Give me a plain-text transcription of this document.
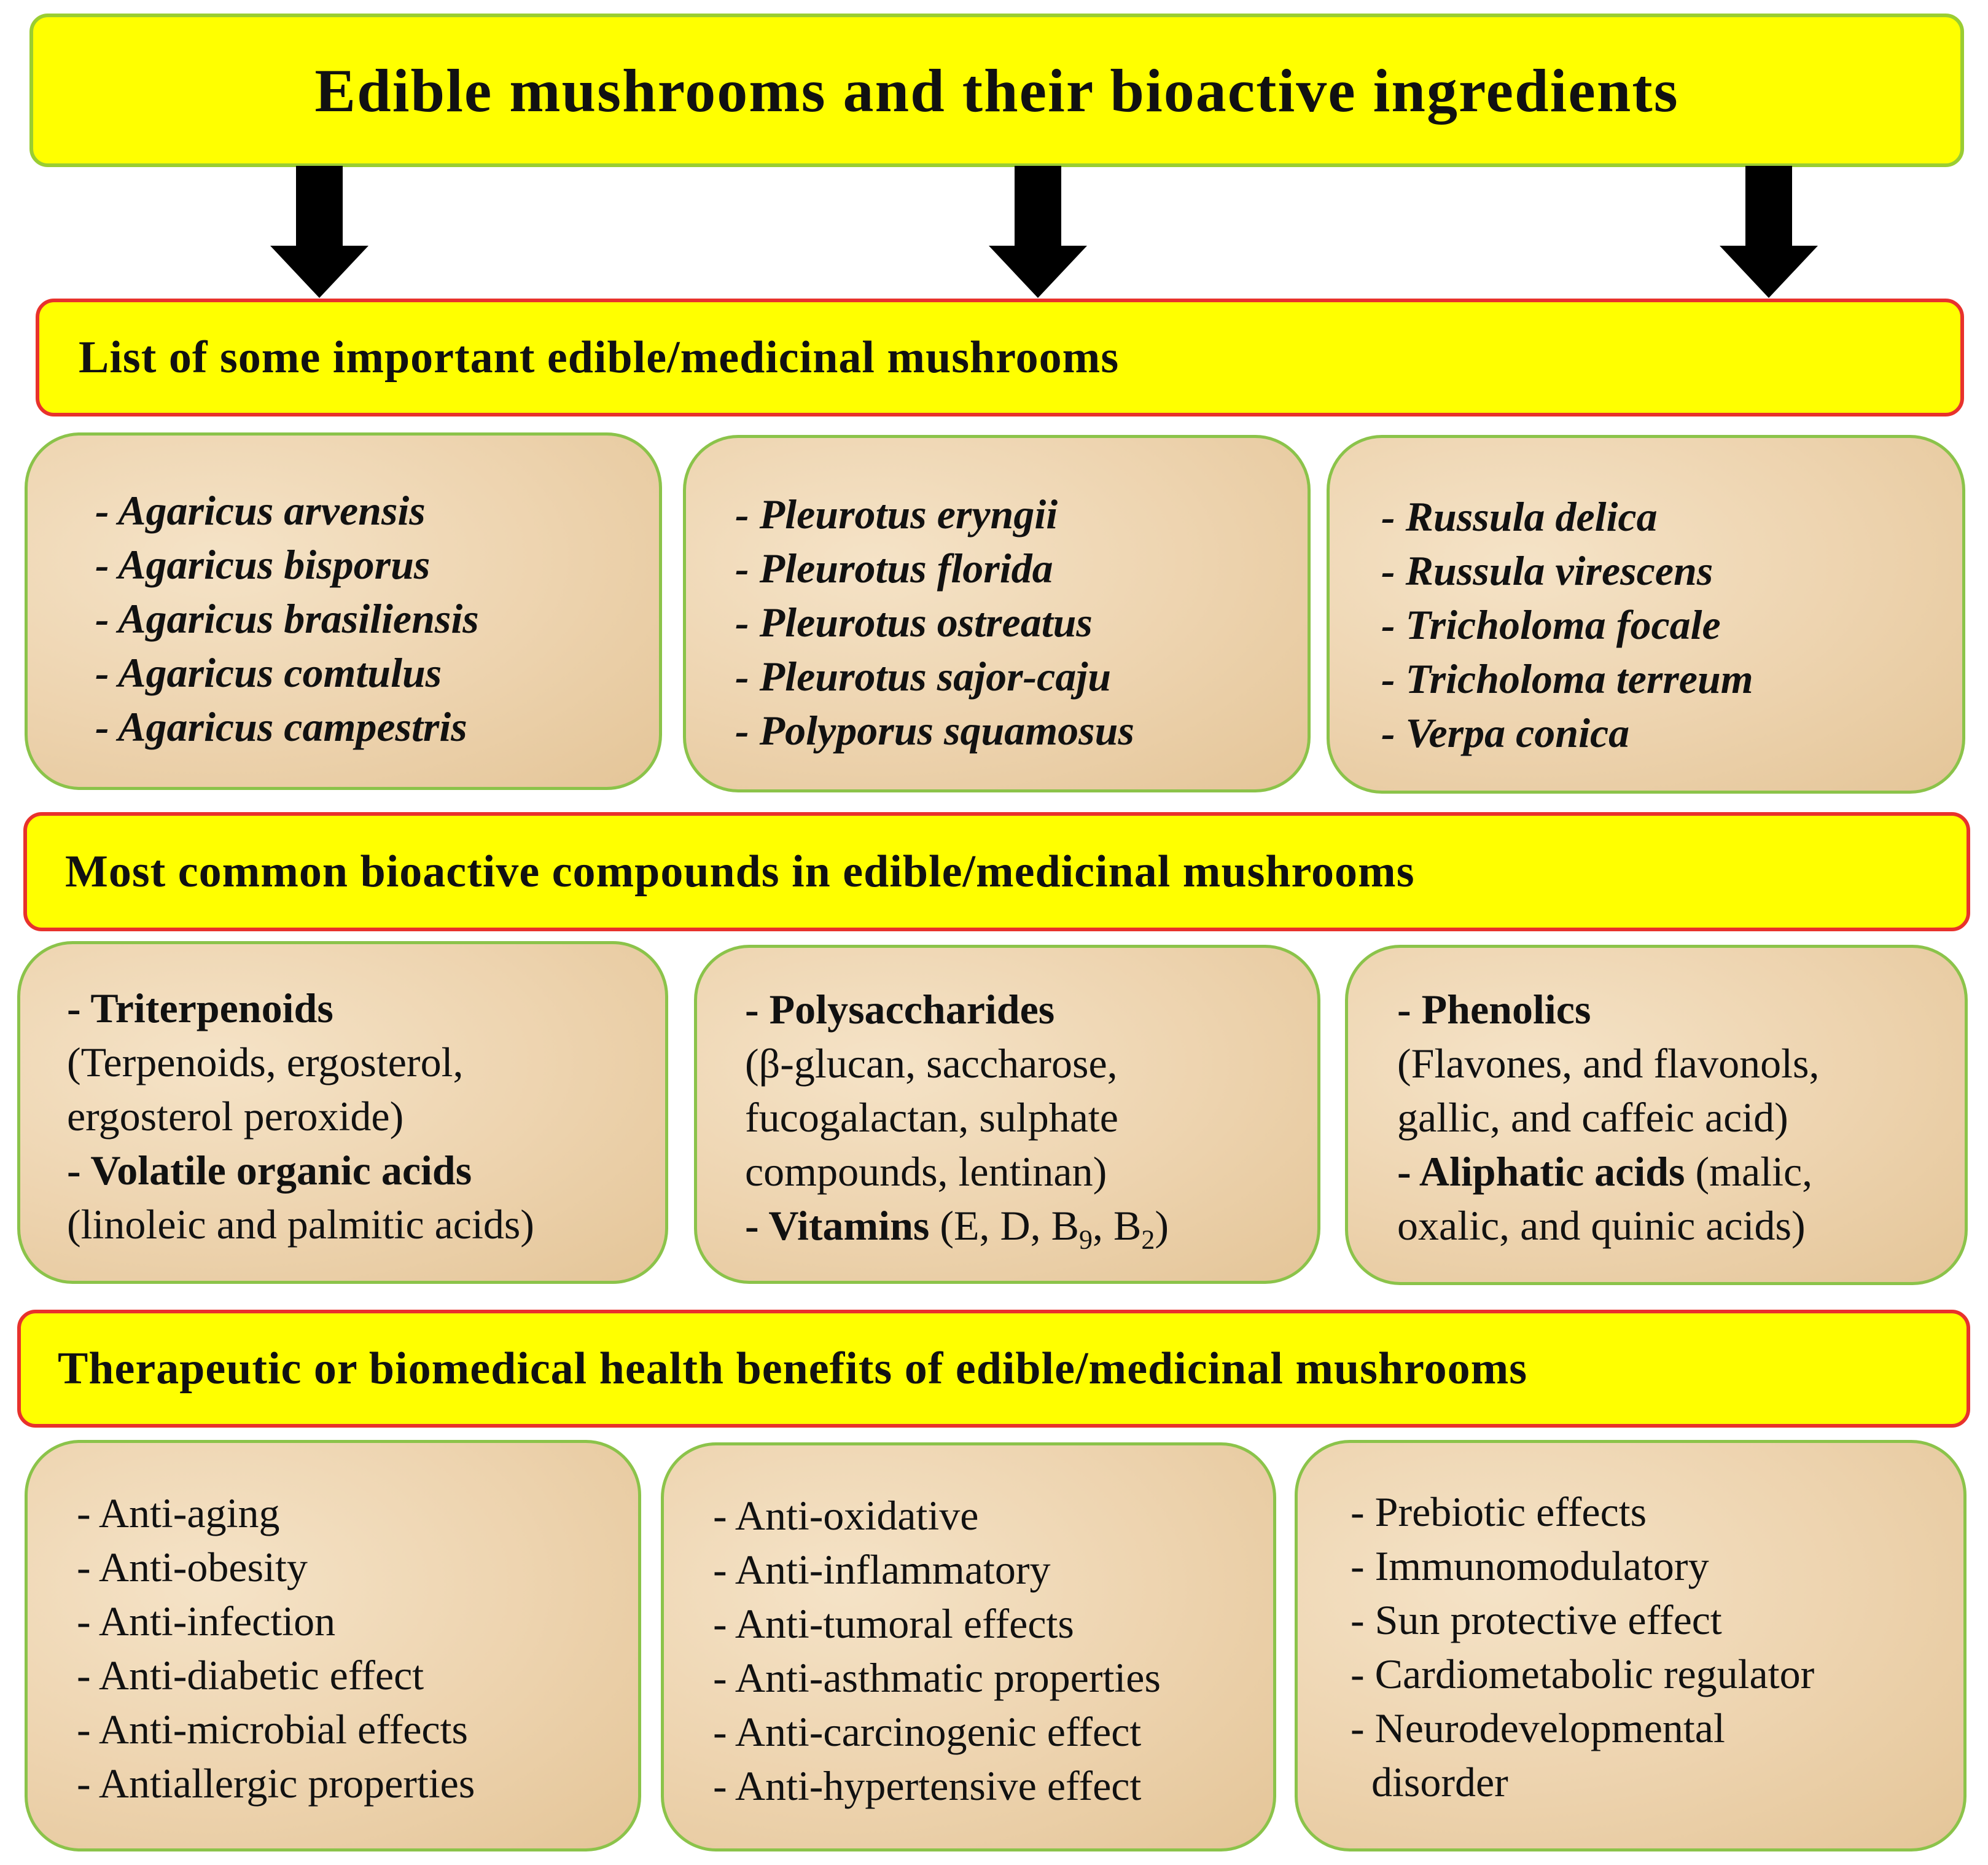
Edible mushrooms and their bioactive ingredients
List of some important edible/medicinal mushrooms
- Agaricus arvensis
- Agaricus bisporus
- Agaricus brasiliensis
- Agaricus comtulus
- Agaricus campestris
- Pleurotus eryngii
- Pleurotus florida
- Pleurotus ostreatus
- Pleurotus sajor-caju
- Polyporus squamosus
- Russula delica
- Russula virescens
- Tricholoma focale
- Tricholoma terreum
- Verpa conica
Most common bioactive compounds in edible/medicinal mushrooms
- Triterpenoids
(Terpenoids, ergosterol,
ergosterol peroxide)
- Volatile organic acids
(linoleic and palmitic acids)
- Polysaccharides
(β-glucan, saccharose,
fucogalactan, sulphate
compounds, lentinan)
- Vitamins (E, D, $B_9$, $B_2$)
- Phenolics
(Flavones, and flavonols,
gallic, and caffeic acid)
- Aliphatic acids (malic,
oxalic, and quinic acids)
Therapeutic or biomedical health benefits of edible/medicinal mushrooms
- Anti-aging
- Anti-obesity
- Anti-infection
- Anti-diabetic effect
- Anti-microbial effects
- Antiallergic properties
- Anti-oxidative
- Anti-inflammatory
- Anti-tumoral effects
- Anti-asthmatic properties
- Anti-carcinogenic effect
- Anti-hypertensive effect
- Prebiotic effects
- Immunomodulatory
- Sun protective effect
- Cardiometabolic regulator
- Neurodevelopmental
disorder
